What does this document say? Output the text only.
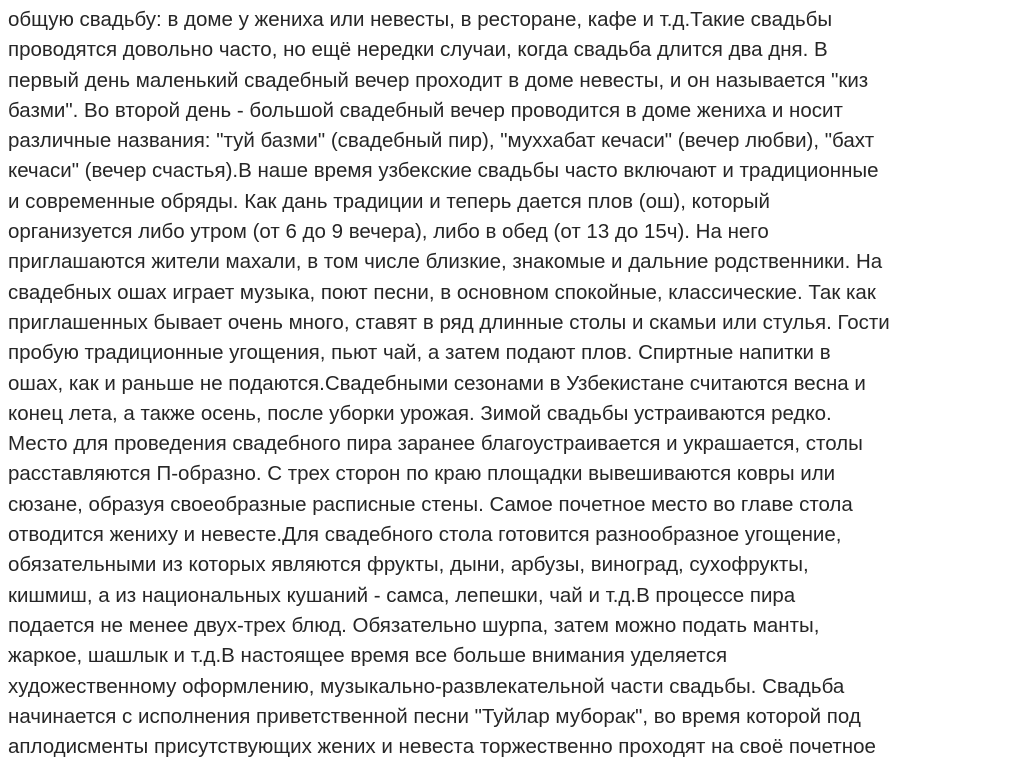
общую свадьбу: в доме у жениха или невесты, в ресторане, кафе и т.д.Такие свадьбы
проводятся довольно часто, но ещё нередки случаи, когда свадьба длится два дня. В
первый день маленький свадебный вечер проходит в доме невесты, и он называется "киз
базми". Во второй день - большой свадебный вечер проводится в доме жениха и носит
различные названия: "туй базми" (свадебный пир), "муххабат кечаси" (вечер любви), "бахт
кечаси" (вечер счастья).В наше время узбекские свадьбы часто включают и традиционные
и современные обряды. Как дань традиции и теперь дается плов (ош), который
организуется либо утром (от 6 до 9 вечера), либо в обед (от 13 до 15ч). На него
приглашаются жители махали, в том числе близкие, знакомые и дальние родственники. На
свадебных ошах играет музыка, поют песни, в основном спокойные, классические. Так как
приглашенных бывает очень много, ставят в ряд длинные столы и скамьи или стулья. Гости
пробую традиционные угощения, пьют чай, а затем подают плов. Спиртные напитки в
ошах, как и раньше не подаются.Свадебными сезонами в Узбекистане считаются весна и
конец лета, а также осень, после уборки урожая. Зимой свадьбы устраиваются редко.
Место для проведения свадебного пира заранее благоустраивается и украшается, столы
расставляются П-образно. С трех сторон по краю площадки вывешиваются ковры или
сюзане, образуя своеобразные расписные стены. Самое почетное место во главе стола
отводится жениху и невесте.Для свадебного стола готовится разнообразное угощение,
обязательными из которых являются фрукты, дыни, арбузы, виноград, сухофрукты,
кишмиш, а из национальных кушаний - самса, лепешки, чай и т.д.В процессе пира
подается не менее двух-трех блюд. Обязательно шурпа, затем можно подать манты,
жаркое, шашлык и т.д.В настоящее время все больше внимания уделяется
художественному оформлению, музыкально-развлекательной части свадьбы. Свадьба
начинается с исполнения приветственной песни "Туйлар муборак", во время которой под
аплодисменты присутствующих жених и невеста торжественно проходят на своё почетное
